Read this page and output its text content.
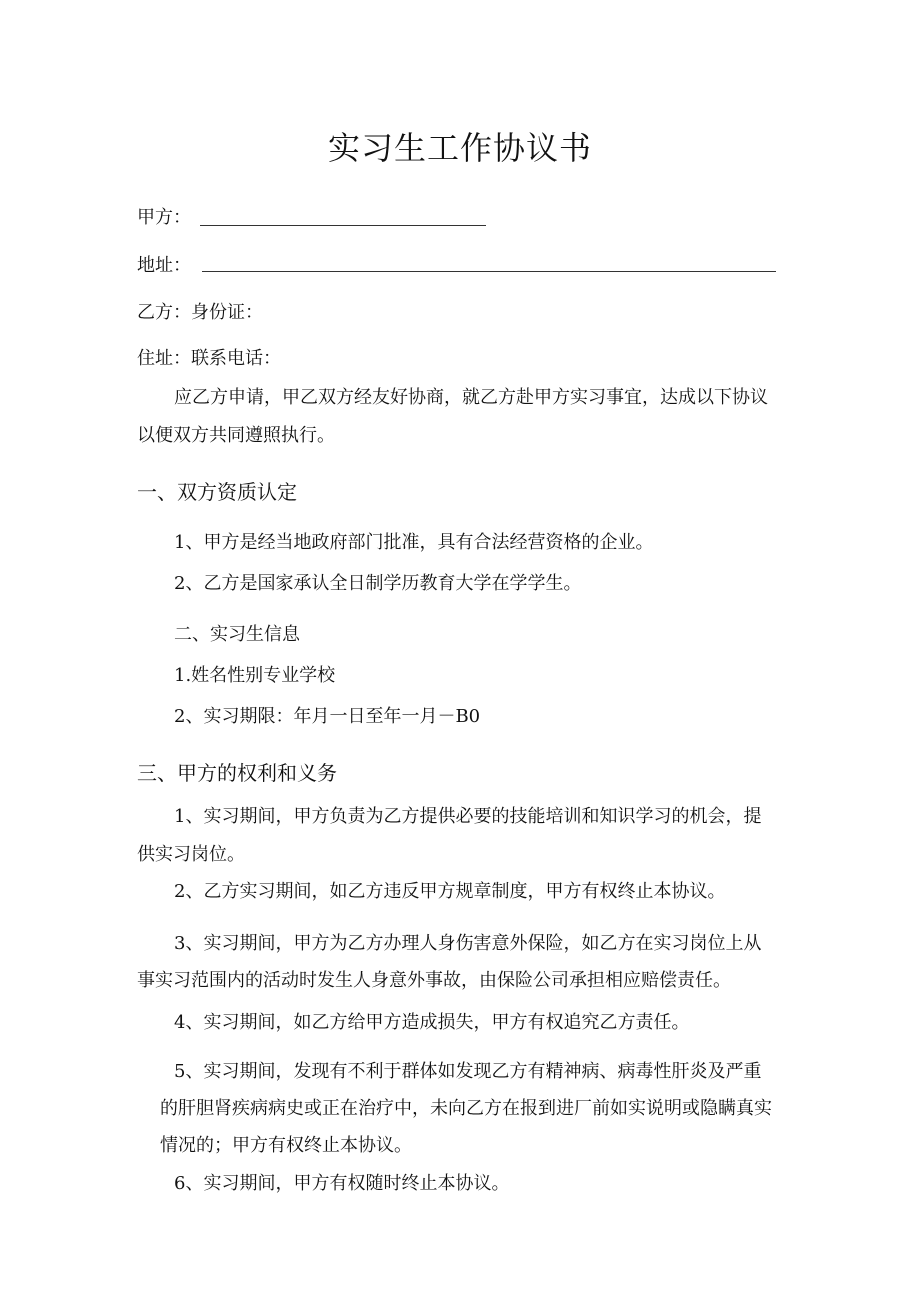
实习生工作协议书
甲方：
地址：
乙方：身份证：
住址：联系电话：
应乙方申请，甲乙双方经友好协商，就乙方赴甲方实习事宜，达成以下协议
以便双方共同遵照执行。
一、双方资质认定
1、甲方是经当地政府部门批准，具有合法经营资格的企业。
2、乙方是国家承认全日制学历教育大学在学学生。
二、实习生信息
1.姓名性别专业学校
2、实习期限：年月一日至年一月－B0
三、甲方的权利和义务
1、实习期间，甲方负责为乙方提供必要的技能培训和知识学习的机会，提
供实习岗位。
2、乙方实习期间，如乙方违反甲方规章制度，甲方有权终止本协议。
3、实习期间，甲方为乙方办理人身伤害意外保险，如乙方在实习岗位上从
事实习范围内的活动时发生人身意外事故，由保险公司承担相应赔偿责任。
4、实习期间，如乙方给甲方造成损失，甲方有权追究乙方责任。
5、实习期间，发现有不利于群体如发现乙方有精神病、病毒性肝炎及严重
的肝胆肾疾病病史或正在治疗中，未向乙方在报到进厂前如实说明或隐瞒真实
情况的；甲方有权终止本协议。
6、实习期间，甲方有权随时终止本协议。
